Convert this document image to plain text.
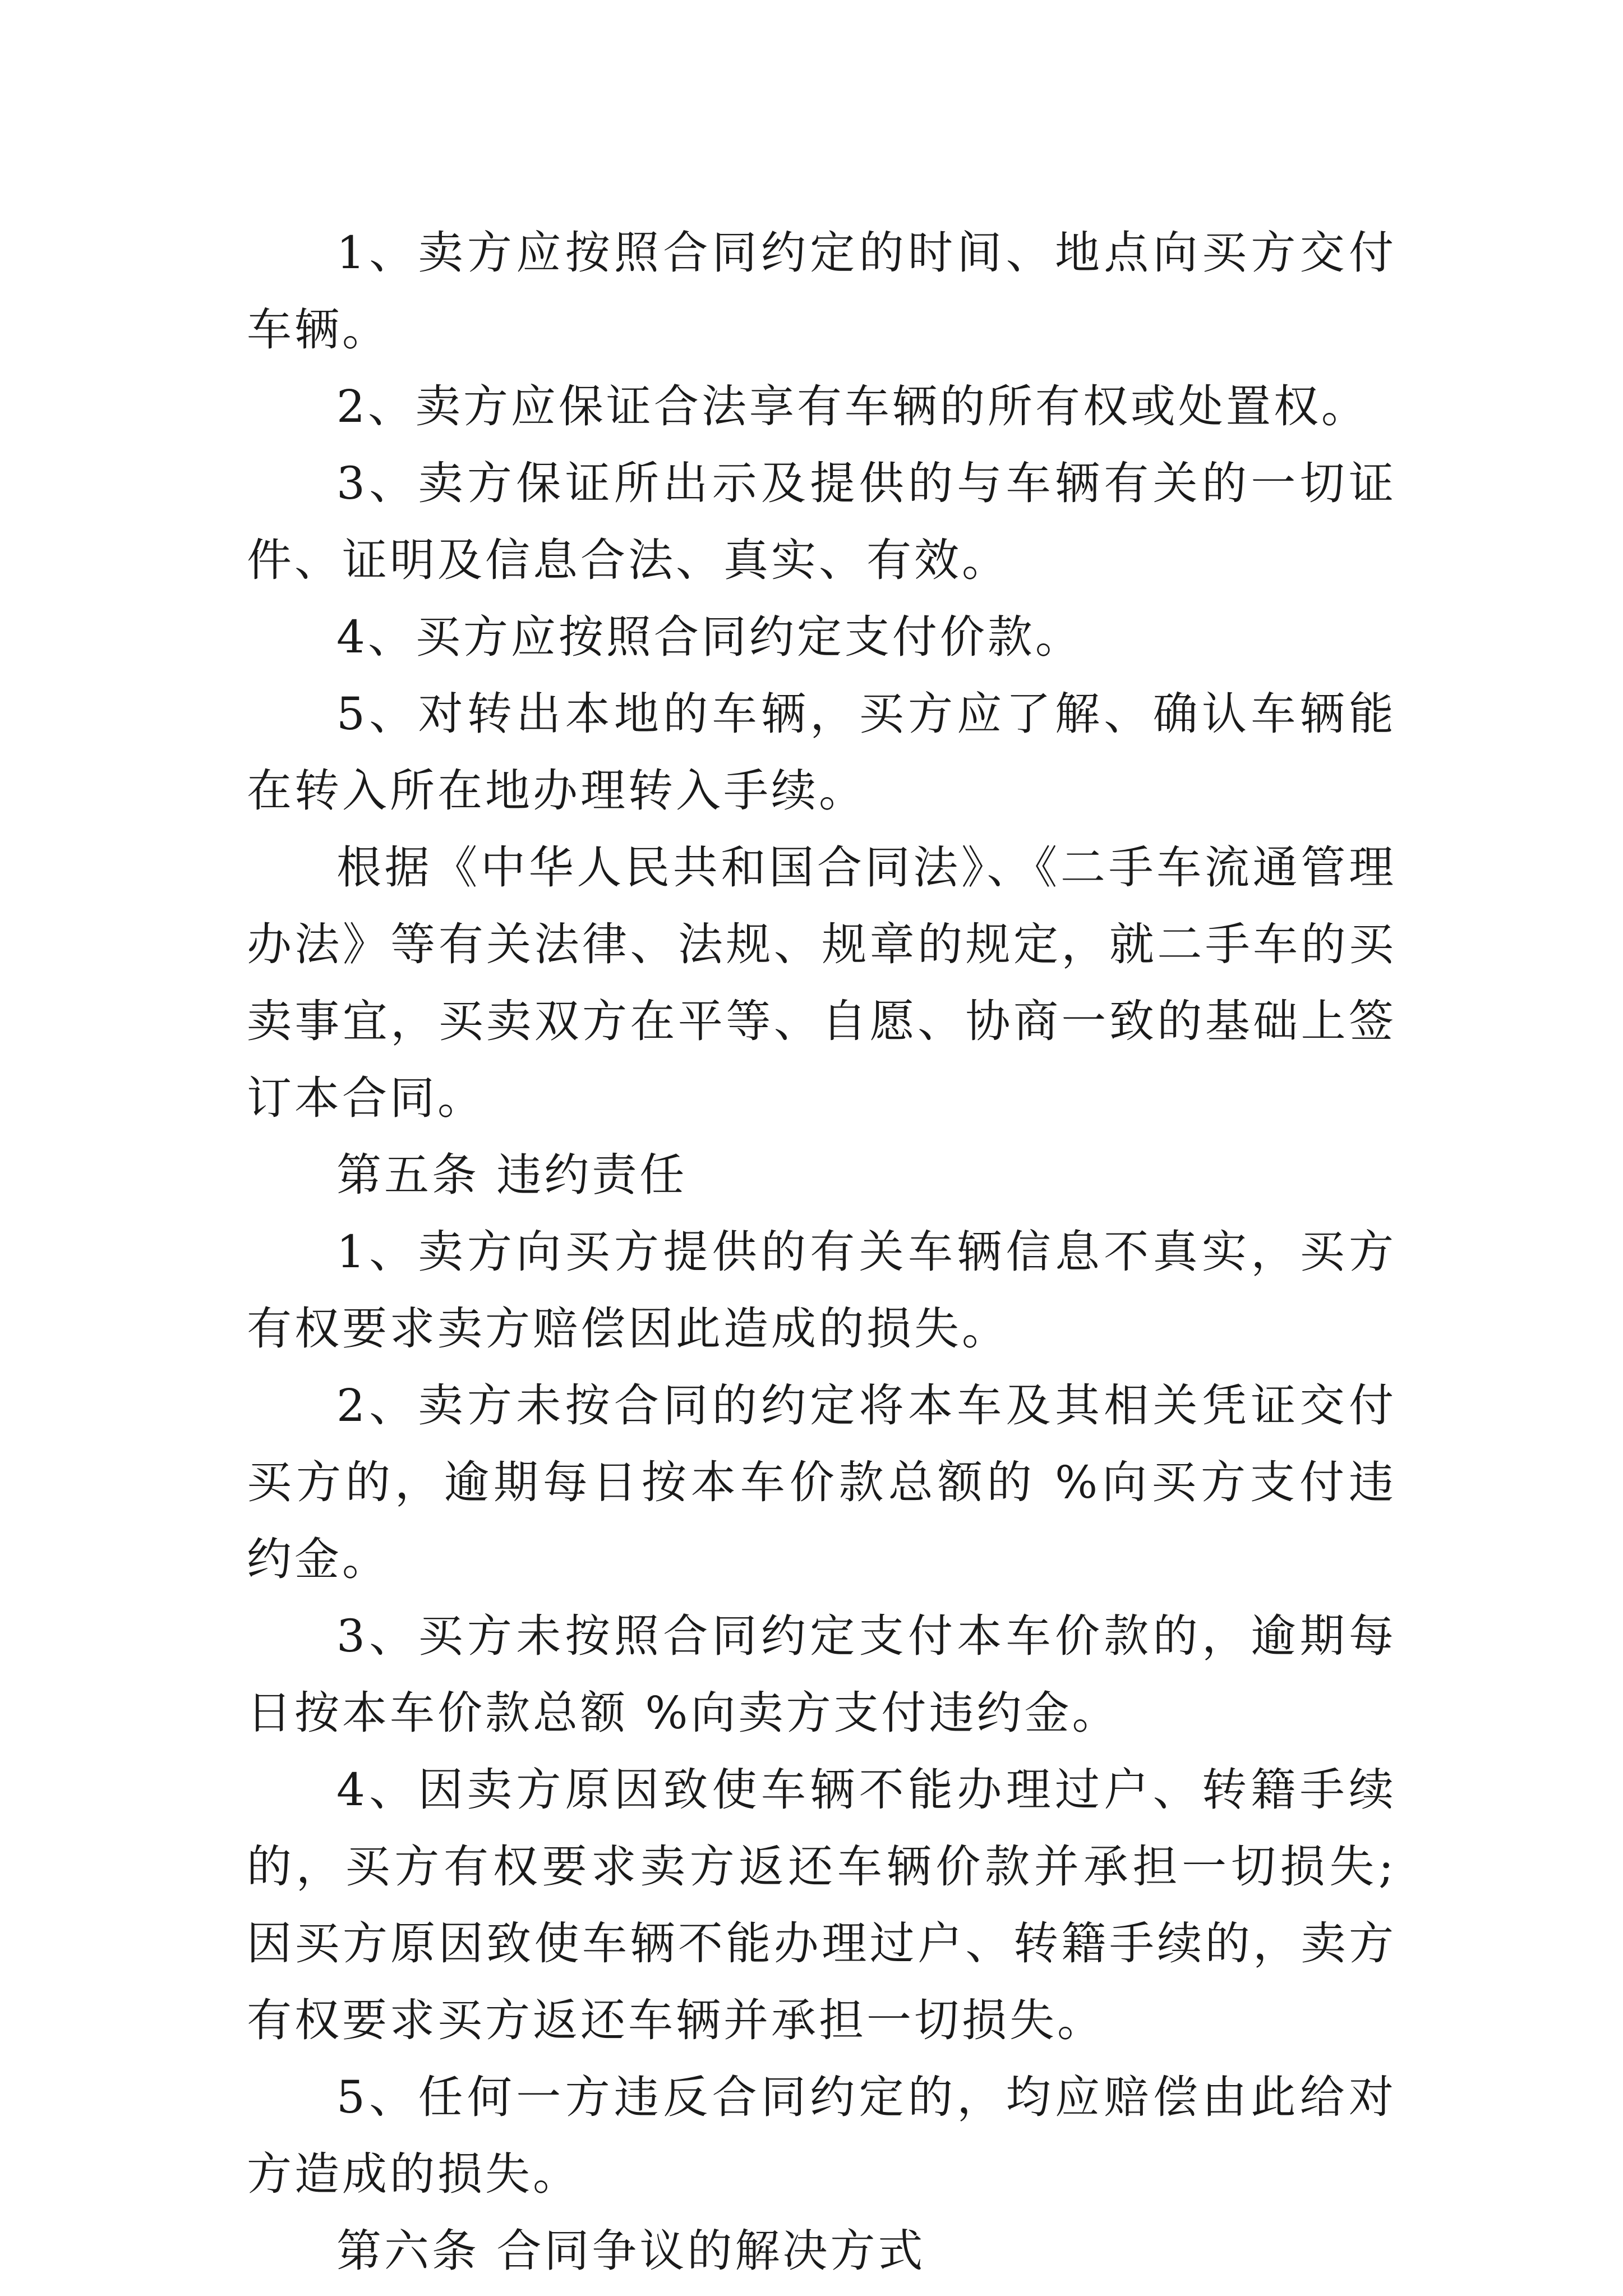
1、卖方应按照合同约定的时间、地点向买方交付车辆。

2、卖方应保证合法享有车辆的所有权或处置权。

3、卖方保证所出示及提供的与车辆有关的一切证件、证明及信息合法、真实、有效。

4、买方应按照合同约定支付价款。

5、对转出本地的车辆，买方应了解、确认车辆能在转入所在地办理转入手续。

根据《中华人民共和国合同法》、《二手车流通管理办法》等有关法律、法规、规章的规定，就二手车的买卖事宜，买卖双方在平等、自愿、协商一致的基础上签订本合同。

第五条 违约责任

1、卖方向买方提供的有关车辆信息不真实，买方有权要求卖方赔偿因此造成的损失。

2、卖方未按合同的约定将本车及其相关凭证交付买方的，逾期每日按本车价款总额的 %向买方支付违约金。

3、买方未按照合同约定支付本车价款的，逾期每日按本车价款总额 %向卖方支付违约金。

4、因卖方原因致使车辆不能办理过户、转籍手续的，买方有权要求卖方返还车辆价款并承担一切损失;因买方原因致使车辆不能办理过户、转籍手续的，卖方有权要求买方返还车辆并承担一切损失。

5、任何一方违反合同约定的，均应赔偿由此给对方造成的损失。

第六条 合同争议的解决方式
